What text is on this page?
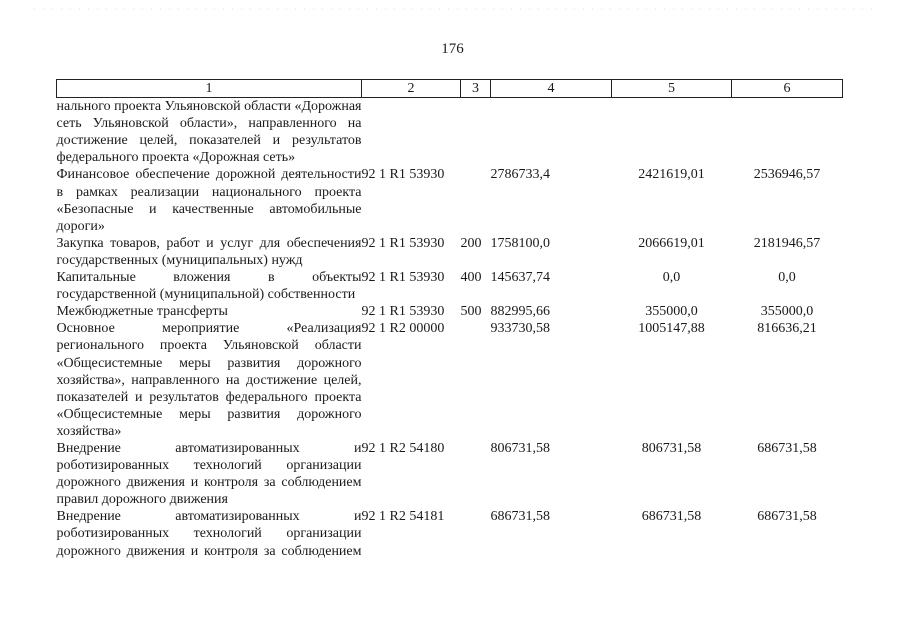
176
1	2	3	4	5	6
нального проекта Ульяновской области «Дорожная сеть Ульяновской области», направленного на достижение целей, показателей и результатов федерального проекта «Дорожная сеть»					
Финансовое обеспечение дорожной деятельности в рамках реализации национального проекта «Безопасные и качественные автомобильные дороги»	92 1 R1 53930		2786733,4	2421619,01	2536946,57
Закупка товаров, работ и услуг для обеспечения государственных (муниципальных) нужд	92 1 R1 53930	200	1758100,0	2066619,01	2181946,57
Капитальные вложения в объекты государственной (муниципальной) собственности	92 1 R1 53930	400	145637,74	0,0	0,0
Межбюджетные трансферты	92 1 R1 53930	500	882995,66	355000,0	355000,0
Основное мероприятие «Реализация регионального проекта Ульяновской области «Общесистемные меры развития дорожного хозяйства», направленного на достижение целей, показателей и результатов федерального проекта «Общесистемные меры развития дорожного хозяйства»	92 1 R2 00000		933730,58	1005147,88	816636,21
Внедрение автоматизированных и роботизированных технологий организации дорожного движения и контроля за соблюдением правил дорожного движения	92 1 R2 54180		806731,58	806731,58	686731,58
Внедрение автоматизированных и роботизированных технологий организации дорожного движения и контроля за соблюдением	92 1 R2 54181		686731,58	686731,58	686731,58
